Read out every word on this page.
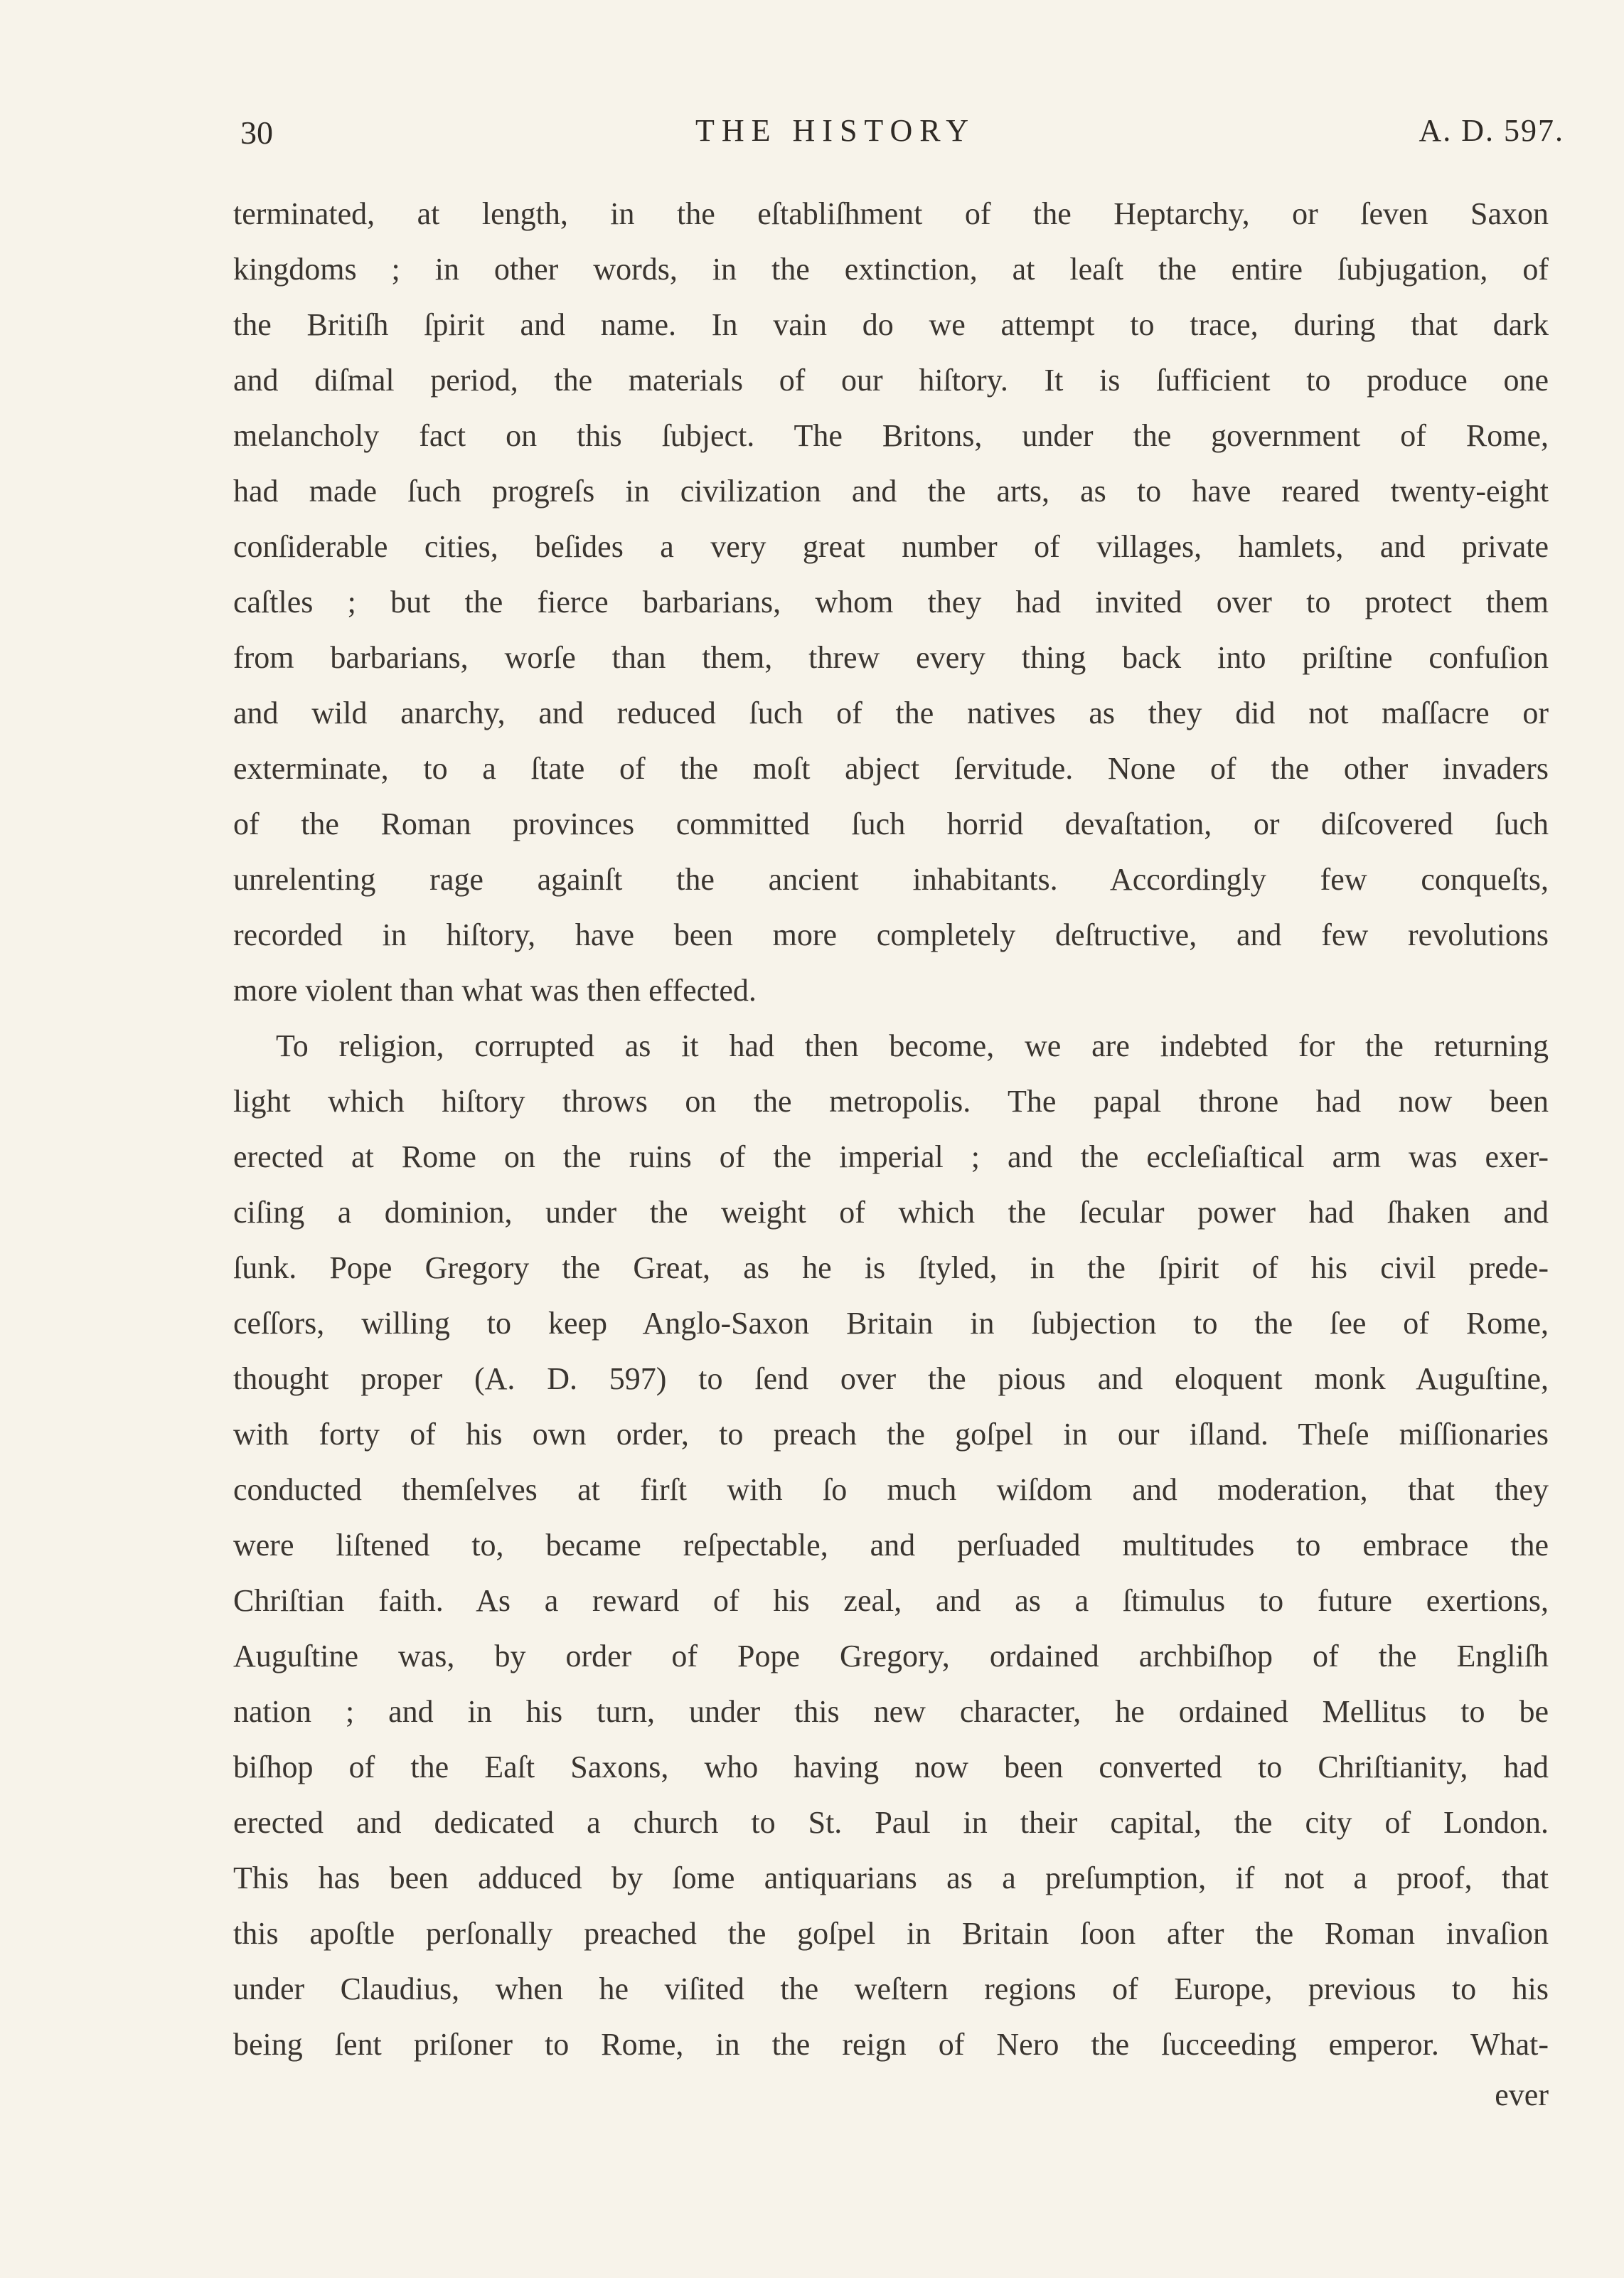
30	THE HISTORY	A. D. 597.
terminated, at length, in the eſtabliſhment of the Heptarchy, or ſeven Saxon
kingdoms ; in other words, in the extinction, at leaſt the entire ſubjugation, of
the Britiſh ſpirit and name. In vain do we attempt to trace, during that dark
and diſmal period, the materials of our hiſtory. It is ſufficient to produce one
melancholy fact on this ſubject. The Britons, under the government of Rome,
had made ſuch progreſs in civilization and the arts, as to have reared twenty-eight
conſiderable cities, beſides a very great number of villages, hamlets, and private
caſtles ; but the fierce barbarians, whom they had invited over to protect them
from barbarians, worſe than them, threw every thing back into priſtine confuſion
and wild anarchy, and reduced ſuch of the natives as they did not maſſacre or
exterminate, to a ſtate of the moſt abject ſervitude. None of the other invaders
of the Roman provinces committed ſuch horrid devaſtation, or diſcovered ſuch
unrelenting rage againſt the ancient inhabitants. Accordingly few conqueſts,
recorded in hiſtory, have been more completely deſtructive, and few revolutions
more violent than what was then effected.
To religion, corrupted as it had then become, we are indebted for the returning
light which hiſtory throws on the metropolis. The papal throne had now been
erected at Rome on the ruins of the imperial ; and the eccleſiaſtical arm was exer-
ciſing a dominion, under the weight of which the ſecular power had ſhaken and
ſunk. Pope Gregory the Great, as he is ſtyled, in the ſpirit of his civil prede-
ceſſors, willing to keep Anglo-Saxon Britain in ſubjection to the ſee of Rome,
thought proper (A. D. 597) to ſend over the pious and eloquent monk Auguſtine,
with forty of his own order, to preach the goſpel in our iſland. Theſe miſſionaries
conducted themſelves at firſt with ſo much wiſdom and moderation, that they
were liſtened to, became reſpectable, and perſuaded multitudes to embrace the
Chriſtian faith. As a reward of his zeal, and as a ſtimulus to future exertions,
Auguſtine was, by order of Pope Gregory, ordained archbiſhop of the Engliſh
nation ; and in his turn, under this new character, he ordained Mellitus to be
biſhop of the Eaſt Saxons, who having now been converted to Chriſtianity, had
erected and dedicated a church to St. Paul in their capital, the city of London.
This has been adduced by ſome antiquarians as a preſumption, if not a proof, that
this apoſtle perſonally preached the goſpel in Britain ſoon after the Roman invaſion
under Claudius, when he viſited the weſtern regions of Europe, previous to his
being ſent priſoner to Rome, in the reign of Nero the ſucceeding emperor. What-
ever
